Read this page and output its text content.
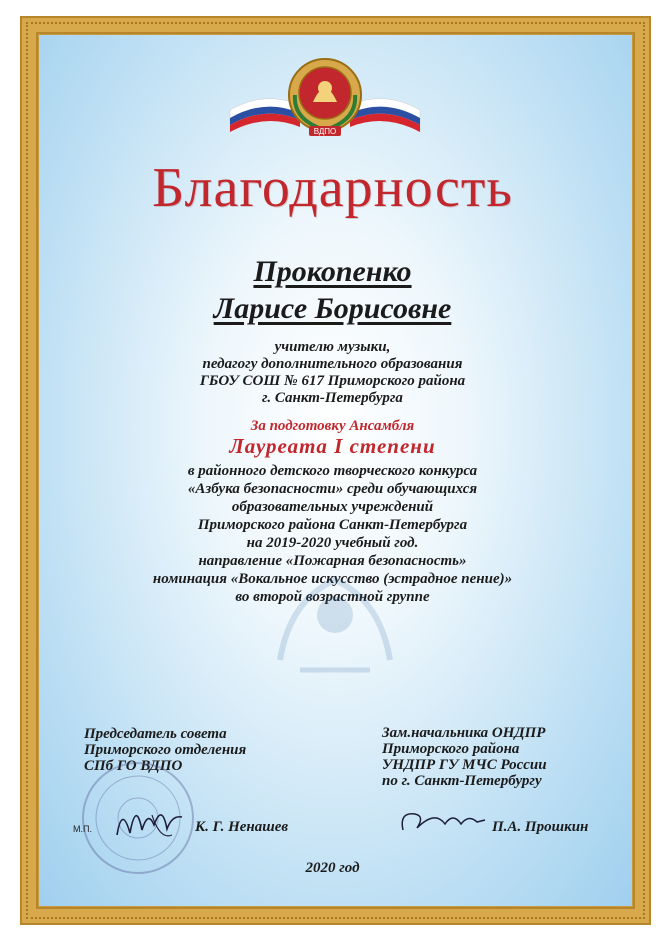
ВДПО
Благодарность
Прокопенко
Ларисе Борисовне
учителю музыки,
педагогу дополнительного образования
ГБОУ СОШ № 617 Приморского района
г. Санкт-Петербурга
За подготовку Ансамбля
Лауреата I степени
в районного детского творческого конкурса
«Азбука безопасности» среди обучающихся
образовательных учреждений
Приморского района Санкт-Петербурга
на 2019-2020 учебный год.
направление «Пожарная безопасность»
номинация «Вокальное искусство (эстрадное пение)»
во второй возрастной группе
Председатель совета
Приморского отделения
СПб ГО ВДПО
М.П.	К. Г. Ненашев
Зам.начальника ОНДПР
Приморского района
УНДПР ГУ МЧС России
по г. Санкт-Петербургу
П.А. Прошкин
2020 год
